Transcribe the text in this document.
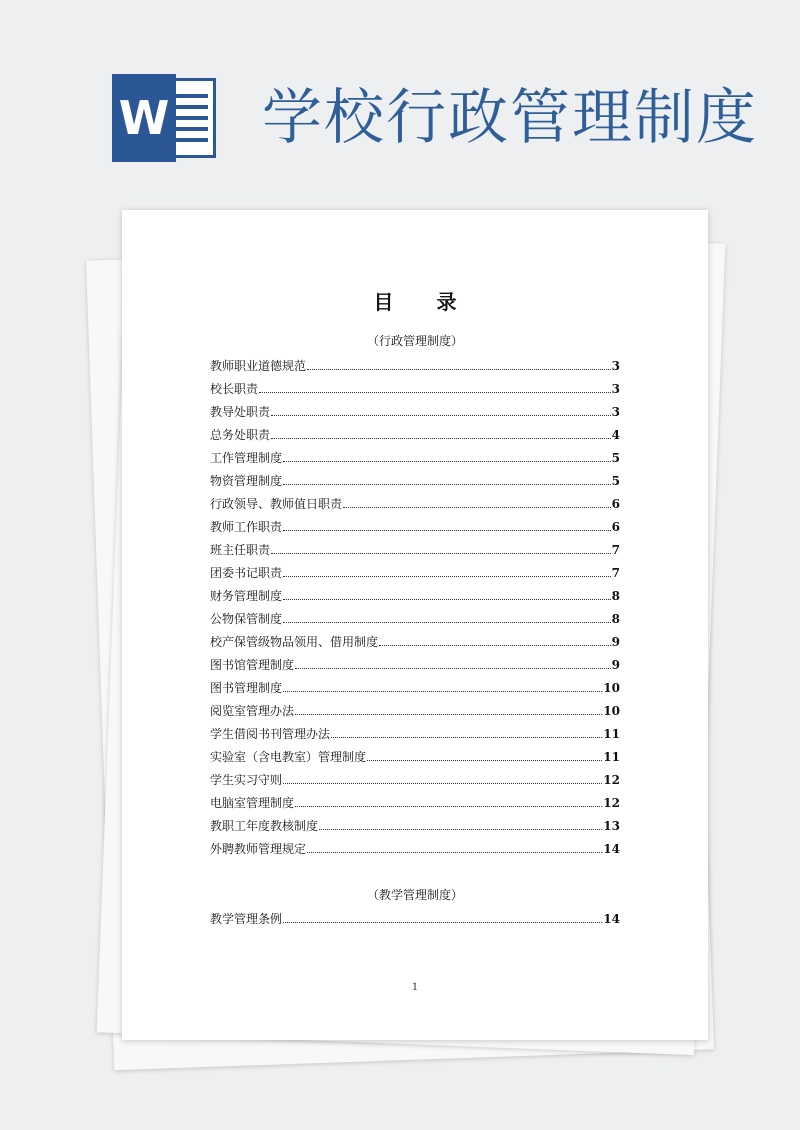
W 学校行政管理制度
目 录
（行政管理制度）
教师职业道德规范	3
校长职责	3
教导处职责	3
总务处职责	4
工作管理制度	5
物资管理制度	5
行政领导、教师值日职责	6
教师工作职责	6
班主任职责	7
团委书记职责	7
财务管理制度	8
公物保管制度	8
校产保管级物品领用、借用制度	9
图书馆管理制度	9
图书管理制度	10
阅览室管理办法	10
学生借阅书刊管理办法	11
实验室（含电教室）管理制度	11
学生实习守则	12
电脑室管理制度	12
教职工年度教核制度	13
外聘教师管理规定	14
（教学管理制度）
教学管理条例	14
1
